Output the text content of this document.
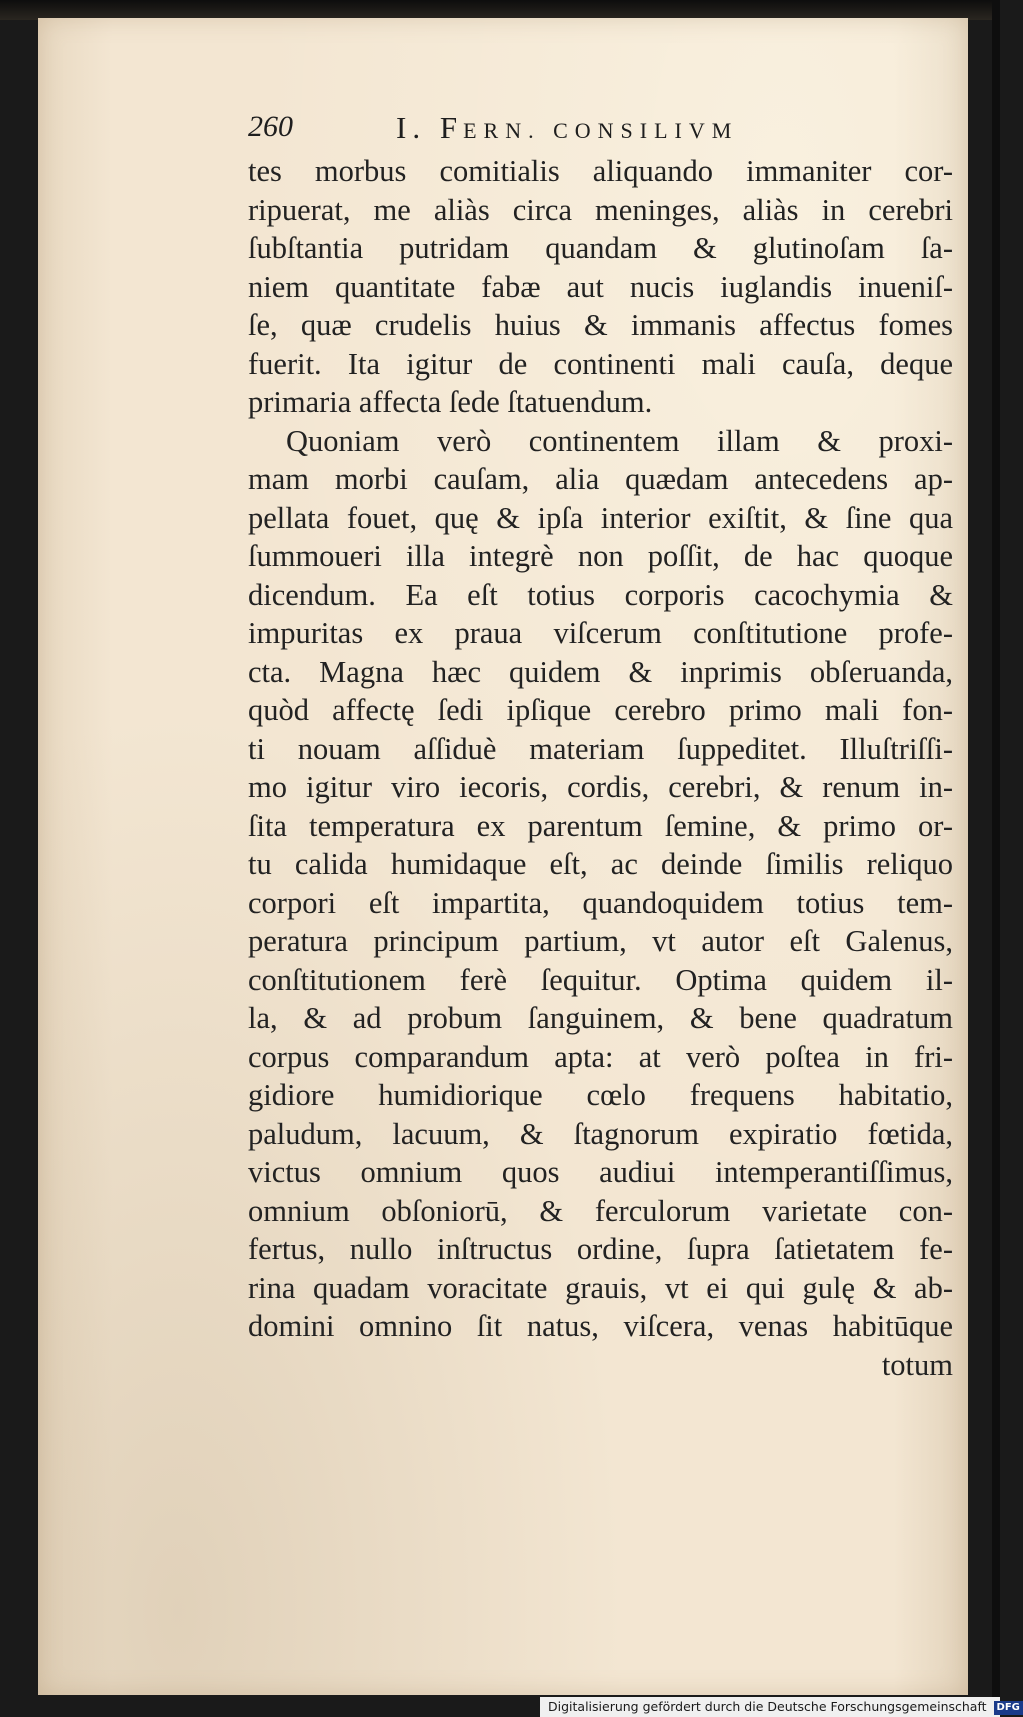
260	I. FERN. CONSILIVM
tes morbus comitialis aliquando immaniter cor-
ripuerat, me aliàs circa meninges, aliàs in cerebri
ſubſtantia putridam quandam & glutinoſam ſa-
niem quantitate fabæ aut nucis iuglandis inueniſ-
ſe, quæ crudelis huius & immanis affectus fomes
fuerit. Ita igitur de continenti mali cauſa, deque
primaria affecta ſede ſtatuendum.
Quoniam verò continentem illam & proxi-
mam morbi cauſam, alia quædam antecedens ap-
pellata fouet, quę & ipſa interior exiſtit, & ſine qua
ſummoueri illa integrè non poſſit, de hac quoque
dicendum. Ea eſt totius corporis cacochymia &
impuritas ex praua viſcerum conſtitutione profe-
cta. Magna hæc quidem & inprimis obſeruanda,
quòd affectę ſedi ipſique cerebro primo mali fon-
ti nouam aſſiduè materiam ſuppeditet. Illuſtriſſi-
mo igitur viro iecoris, cordis, cerebri, & renum in-
ſita temperatura ex parentum ſemine, & primo or-
tu calida humidaque eſt, ac deinde ſimilis reliquo
corpori eſt impartita, quandoquidem totius tem-
peratura principum partium, vt autor eſt Galenus,
conſtitutionem ferè ſequitur. Optima quidem il-
la, & ad probum ſanguinem, & bene quadratum
corpus comparandum apta: at verò poſtea in fri-
gidiore humidiorique cœlo frequens habitatio,
paludum, lacuum, & ſtagnorum expiratio fœtida,
victus omnium quos audiui intemperantiſſimus,
omnium obſoniorū, & ferculorum varietate con-
fertus, nullo inſtructus ordine, ſupra ſatietatem fe-
rina quadam voracitate grauis, vt ei qui gulę & ab-
domini omnino ſit natus, viſcera, venas habitūque
totum
Digitalisierung gefördert durch die Deutsche Forschungsgemeinschaft DFG
